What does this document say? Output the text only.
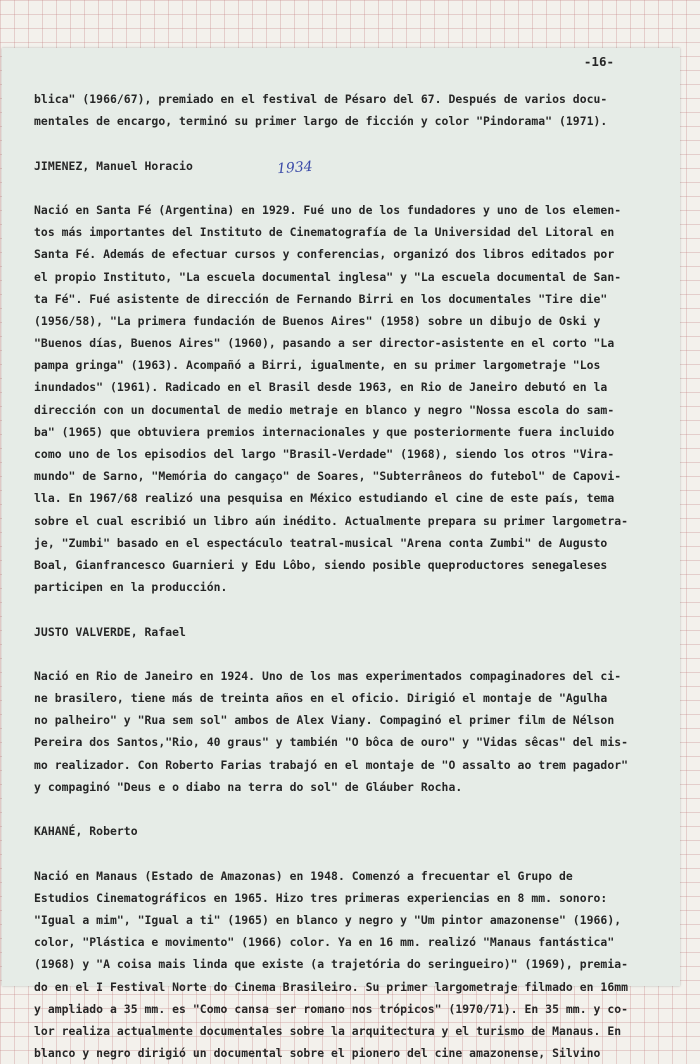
-16-
1934
blica" (1966/67), premiado en el festival de Pésaro del 67. Después de varios docu-
mentales de encargo, terminó su primer largo de ficción y color "Pindorama" (1971).
JIMENEZ, Manuel Horacio
Nació en Santa Fé (Argentina) en 1929. Fué uno de los fundadores y uno de los elemen-
tos más importantes del Instituto de Cinematografía de la Universidad del Litoral en
Santa Fé. Además de efectuar cursos y conferencias, organizó dos libros editados por
el propio Instituto, "La escuela documental inglesa" y "La escuela documental de San-
ta Fé". Fué asistente de dirección de Fernando Birri en los documentales "Tire die"
(1956/58), "La primera fundación de Buenos Aires" (1958) sobre un dibujo de Oski y
"Buenos días, Buenos Aires" (1960), pasando a ser director-asistente en el corto "La
pampa gringa" (1963). Acompañó a Birri, igualmente, en su primer largometraje "Los
inundados" (1961). Radicado en el Brasil desde 1963, en Rio de Janeiro debutó en la
dirección con un documental de medio metraje en blanco y negro "Nossa escola do sam-
ba" (1965) que obtuviera premios internacionales y que posteriormente fuera incluido
como uno de los episodios del largo "Brasil-Verdade" (1968), siendo los otros "Vira-
mundo" de Sarno, "Memória do cangaço" de Soares, "Subterrâneos do futebol" de Capovi-
lla. En 1967/68 realizó una pesquisa en México estudiando el cine de este país, tema
sobre el cual escribió un libro aún inédito. Actualmente prepara su primer largometra-
je, "Zumbi" basado en el espectáculo teatral-musical "Arena conta Zumbi" de Augusto
Boal, Gianfrancesco Guarnieri y Edu Lôbo, siendo posible queproductores senegaleses
participen en la producción.
JUSTO VALVERDE, Rafael
Nació en Rio de Janeiro en 1924. Uno de los mas experimentados compaginadores del ci-
ne brasilero, tiene más de treinta años en el oficio. Dirigió el montaje de "Agulha
no palheiro" y "Rua sem sol" ambos de Alex Viany. Compaginó el primer film de Nélson
Pereira dos Santos,"Rio, 40 graus" y también "O bôca de ouro" y "Vidas sêcas" del mis-
mo realizador. Con Roberto Farias trabajó en el montaje de "O assalto ao trem pagador"
y compaginó "Deus e o diabo na terra do sol" de Gláuber Rocha.
KAHANÉ, Roberto
Nació en Manaus (Estado de Amazonas) en 1948. Comenzó a frecuentar el Grupo de
Estudios Cinematográficos en 1965. Hizo tres primeras experiencias en 8 mm. sonoro:
"Igual a mim", "Igual a ti" (1965) en blanco y negro y "Um pintor amazonense" (1966),
color, "Plástica e movimento" (1966) color. Ya en 16 mm. realizó "Manaus fantástica"
(1968) y "A coisa mais linda que existe (a trajetória do seringueiro)" (1969), premia-
do en el I Festival Norte do Cinema Brasileiro. Su primer largometraje filmado en 16mm
y ampliado a 35 mm. es "Como cansa ser romano nos trópicos" (1970/71). En 35 mm. y co-
lor realiza actualmente documentales sobre la arquitectura y el turismo de Manaus. En
blanco y negro dirigió un documental sobre el pionero del cine amazonense, Silvino
